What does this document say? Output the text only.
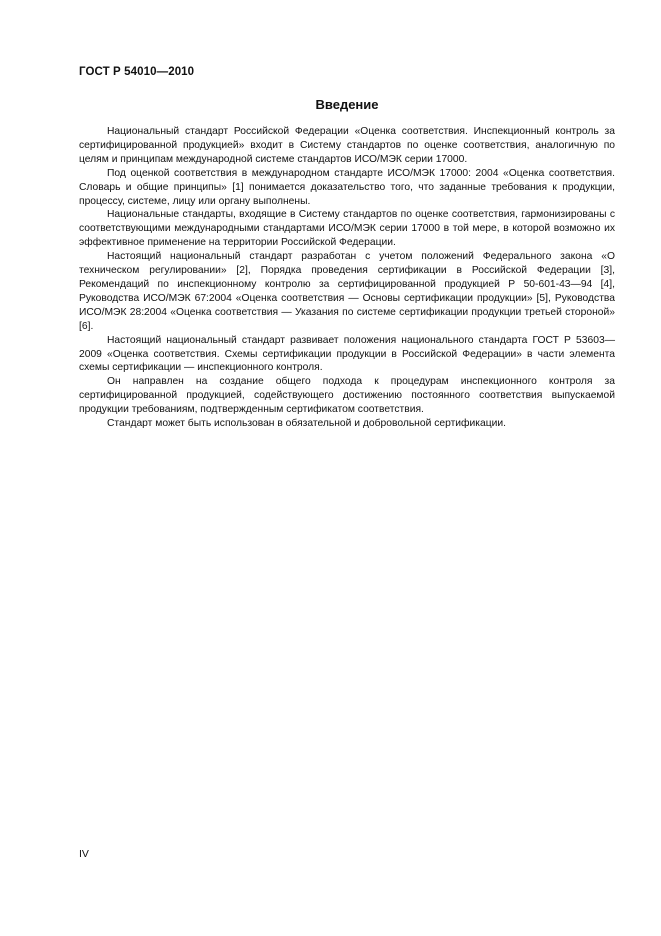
ГОСТ Р 54010—2010
Введение

Национальный стандарт Российской Федерации «Оценка соответствия. Инспекционный контроль за сертифицированной продукцией» входит в Систему стандартов по оценке соответствия, аналогичную по целям и принципам международной системе стандартов ИСО/МЭК серии 17000.

Под оценкой соответствия в международном стандарте ИСО/МЭК 17000: 2004 «Оценка соответствия. Словарь и общие принципы» [1] понимается доказательство того, что заданные требования к продукции, процессу, системе, лицу или органу выполнены.

Национальные стандарты, входящие в Систему стандартов по оценке соответствия, гармонизированы с соответствующими международными стандартами ИСО/МЭК серии 17000 в той мере, в которой возможно их эффективное применение на территории Российской Федерации.

Настоящий национальный стандарт разработан с учетом положений Федерального закона «О техническом регулировании» [2], Порядка проведения сертификации в Российской Федерации [3], Рекомендаций по инспекционному контролю за сертифицированной продукцией Р 50-601-43—94 [4], Руководства ИСО/МЭК 67:2004 «Оценка соответствия — Основы сертификации продукции» [5], Руководства ИСО/МЭК 28:2004 «Оценка соответствия — Указания по системе сертификации продукции третьей стороной» [6].

Настоящий национальный стандарт развивает положения национального стандарта ГОСТ Р 53603—2009 «Оценка соответствия. Схемы сертификации продукции в Российской Федерации» в части элемента схемы сертификации — инспекционного контроля.

Он направлен на создание общего подхода к процедурам инспекционного контроля за сертифицированной продукцией, содействующего достижению постоянного соответствия выпускаемой продукции требованиям, подтвержденным сертификатом соответствия.

Стандарт может быть использован в обязательной и добровольной сертификации.

IV
